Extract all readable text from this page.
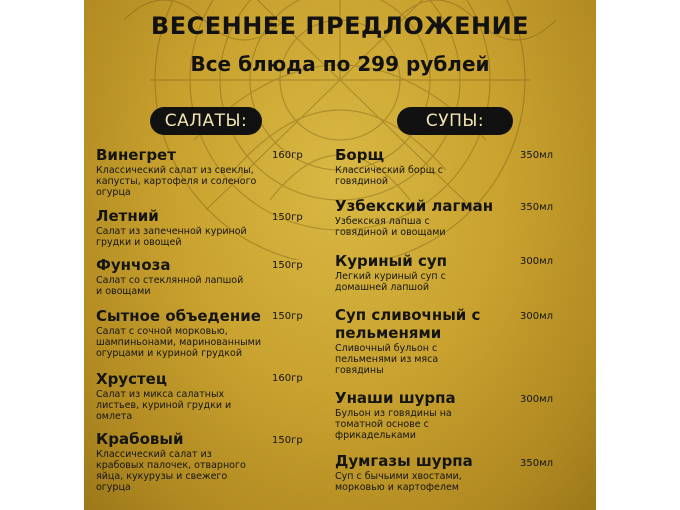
ВЕСЕННЕЕ ПРЕДЛОЖЕНИЕ
Все блюда по 299 рублей
САЛАТЫ:	СУПЫ:
Винегрет
Классический салат из свеклы, капусты, картофеля и соленого огурца
160гр
Летний
Салат из запеченной куриной грудки и овощей
150гр
Фунчоза
Салат со стеклянной лапшой и овощами
150гр
Сытное объедение
Салат с сочной морковью, шампиньонами, маринованными огурцами и куриной грудкой
150гр
Хрустец
Салат из микса салатных листьев, куриной грудки и омлета
160гр
Крабовый
Классический салат из крабовых палочек, отварного яйца, кукурузы и свежего огурца
150гр
Борщ
Классический борщ с говядиной
350мл
Узбекский лагман
Узбекская лапша с говядиной и овощами
350мл
Куриный суп
Легкий куриный суп с домашней лапшой
300мл
Суп сливочный с пельменями
Сливочный бульон с пельменями из мяса говядины
300мл
Унаши шурпа
Бульон из говядины на томатной основе с фрикадельками
300мл
Думгазы шурпа
Суп с бычьими хвостами, морковью и картофелем
350мл
